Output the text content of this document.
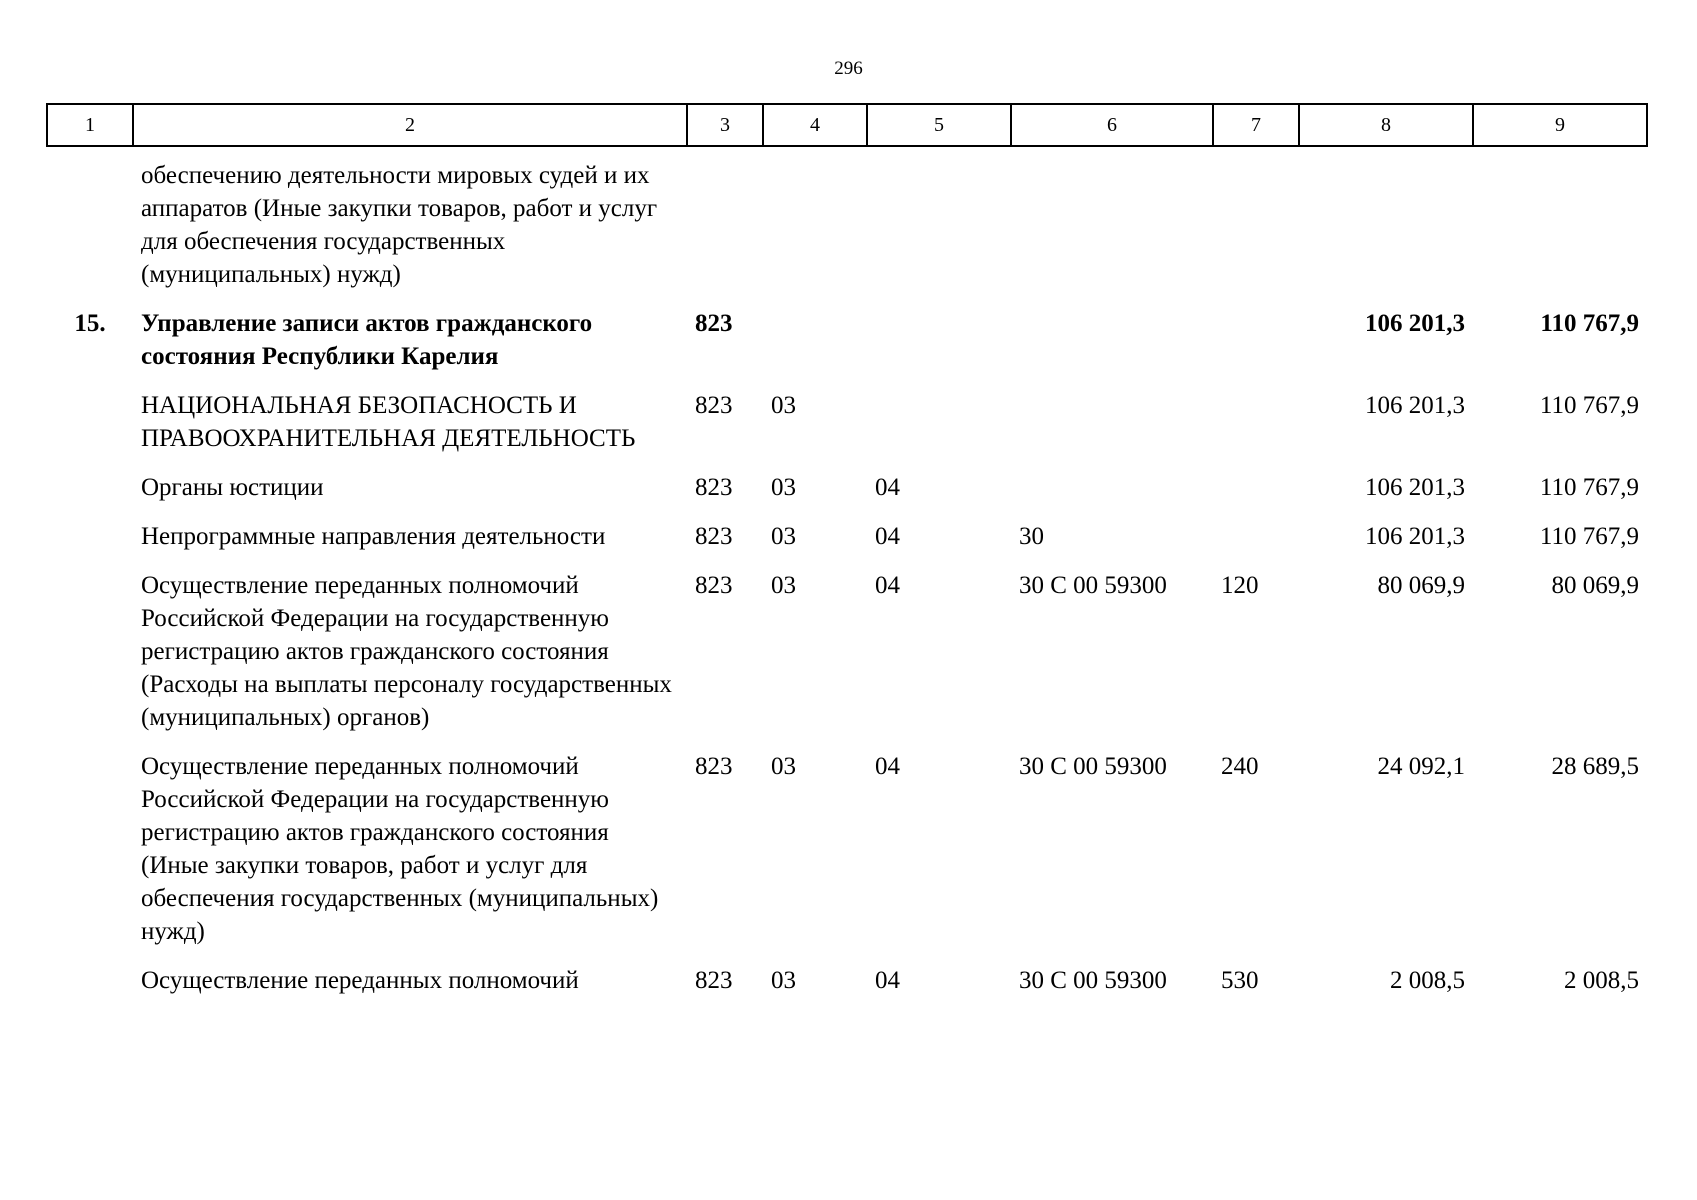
296
1	2	3	4	5	6	7	8	9
	обеспечению деятельности мировых судей и их аппаратов (Иные закупки товаров, работ и услуг для обеспечения государственных (муниципальных) нужд)							
15.	Управление записи актов гражданского состояния Республики Карелия	823					106 201,3	110 767,9
	НАЦИОНАЛЬНАЯ БЕЗОПАСНОСТЬ И ПРАВООХРАНИТЕЛЬНАЯ ДЕЯТЕЛЬНОСТЬ	823	03				106 201,3	110 767,9
	Органы юстиции	823	03	04			106 201,3	110 767,9
	Непрограммные направления деятельности	823	03	04	30		106 201,3	110 767,9
	Осуществление переданных полномочий Российской Федерации на государственную регистрацию актов гражданского состояния (Расходы на выплаты персоналу государственных (муниципальных) органов)	823	03	04	30 С 00 59300	120	80 069,9	80 069,9
	Осуществление переданных полномочий Российской Федерации на государственную регистрацию актов гражданского состояния (Иные закупки товаров, работ и услуг для обеспечения государственных (муниципальных) нужд)	823	03	04	30 С 00 59300	240	24 092,1	28 689,5
	Осуществление переданных полномочий	823	03	04	30 С 00 59300	530	2 008,5	2 008,5
